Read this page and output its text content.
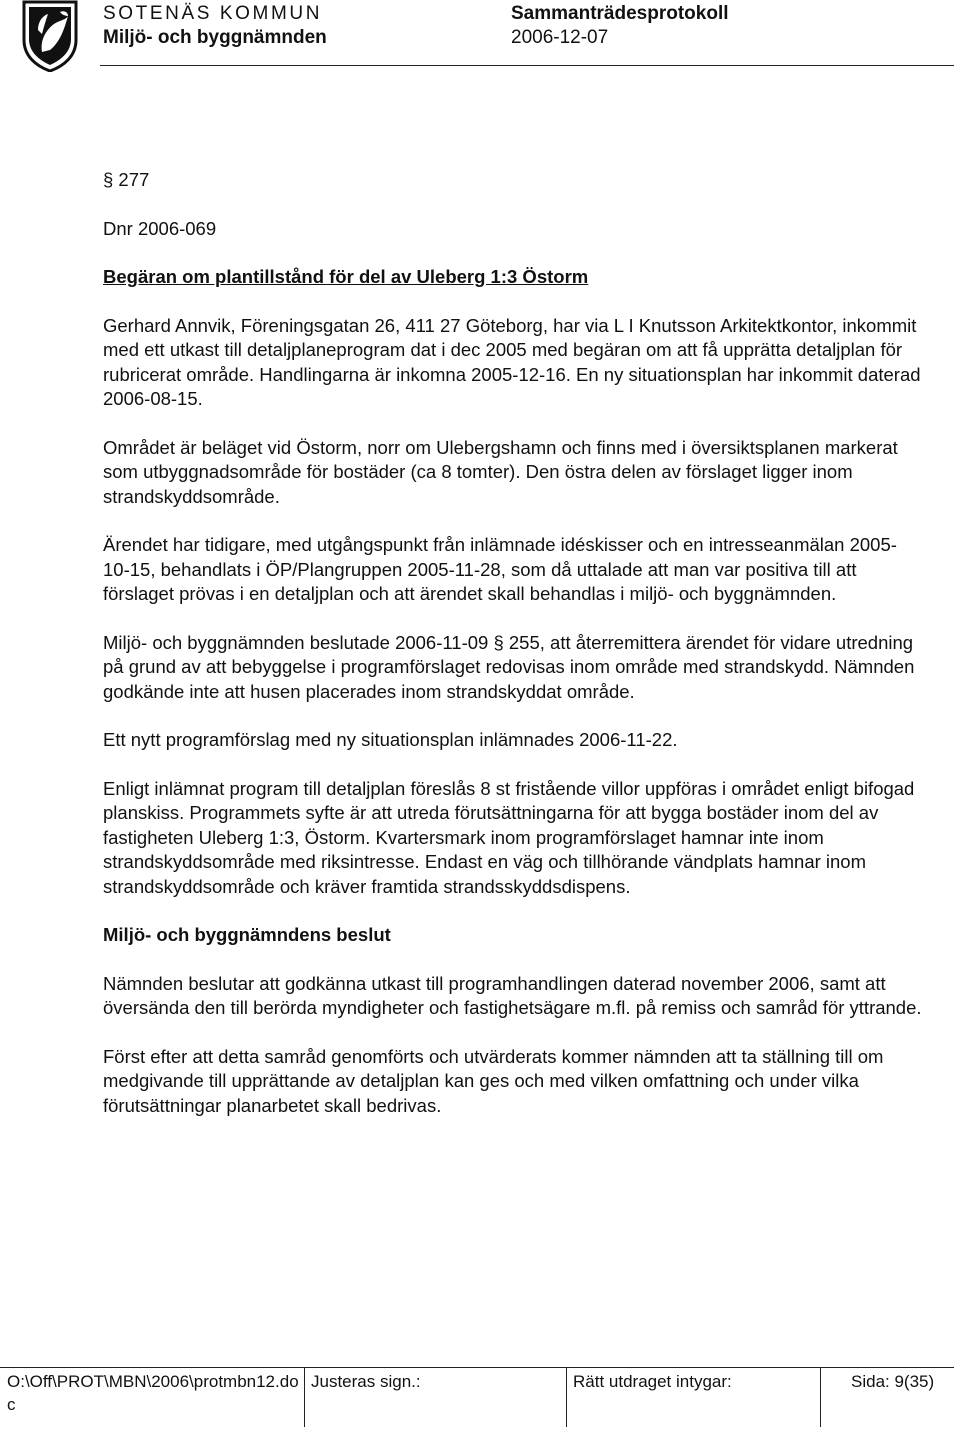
SOTENÄS KOMMUN
Miljö- och byggnämnden
Sammanträdesprotokoll
2006-12-07

§ 277

Dnr 2006-069

Begäran om plantillstånd för del av Uleberg 1:3 Östorm

Gerhard Annvik, Föreningsgatan 26, 411 27 Göteborg, har via L I Knutsson Arkitektkontor, inkommit med ett utkast till detaljplaneprogram dat i dec 2005 med begäran om att få upprätta detaljplan för rubricerat område. Handlingarna är inkomna 2005-12-16. En ny situationsplan har inkommit daterad 2006-08-15.

Området är beläget vid Östorm, norr om Ulebergshamn och finns med i översiktsplanen markerat som utbyggnadsområde för bostäder (ca 8 tomter). Den östra delen av förslaget ligger inom strandskyddsområde.

Ärendet har tidigare, med utgångspunkt från inlämnade idéskisser och en intresseanmälan 2005-10-15, behandlats i ÖP/Plangruppen 2005-11-28, som då uttalade att man var positiva till att förslaget prövas i en detaljplan och att ärendet skall behandlas i miljö- och byggnämnden.

Miljö- och byggnämnden beslutade 2006-11-09 § 255, att återremittera ärendet för vidare utredning på grund av att bebyggelse i programförslaget redovisas inom område med strandskydd. Nämnden godkände inte att husen placerades inom strandskyddat område.

Ett nytt programförslag med ny situationsplan inlämnades 2006-11-22.

Enligt inlämnat program till detaljplan föreslås 8 st fristående villor uppföras i området enligt bifogad planskiss. Programmets syfte är att utreda förutsättningarna för att bygga bostäder inom del av fastigheten Uleberg 1:3, Östorm. Kvartersmark inom programförslaget hamnar inte inom strandskyddsområde med riksintresse. Endast en väg och tillhörande vändplats hamnar inom strandskyddsområde och kräver framtida strandsskyddsdispens.

Miljö- och byggnämndens beslut

Nämnden beslutar att godkänna utkast till programhandlingen daterad november 2006, samt att översända den till berörda myndigheter och fastighetsägare m.fl. på remiss och samråd för yttrande.

Först efter att detta samråd genomförts och utvärderats kommer nämnden att ta ställning till om medgivande till upprättande av detaljplan kan ges och med vilken omfattning och under vilka förutsättningar planarbetet skall bedrivas.

O:\Off\PROT\MBN\2006\protmbn12.doc
Justeras sign.:	Rätt utdraget intygar:	Sida: 9(35)
